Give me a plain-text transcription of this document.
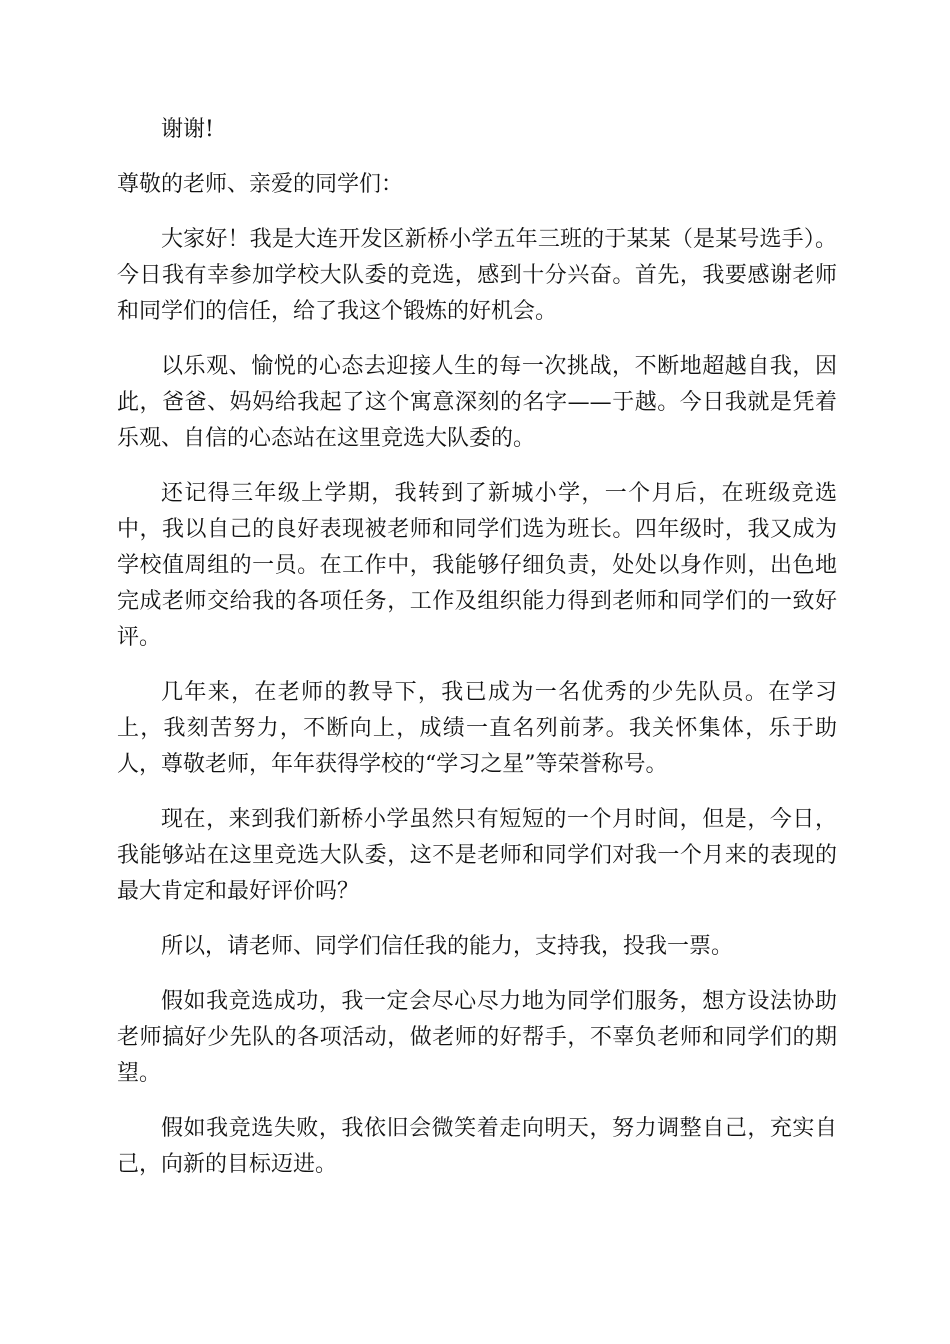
谢谢!

尊敬的老师、亲爱的同学们：

大家好！我是大连开发区新桥小学五年三班的于某某（是某号选手）。今日我有幸参加学校大队委的竞选，感到十分兴奋。首先，我要感谢老师和同学们的信任，给了我这个锻炼的好机会。

以乐观、愉悦的心态去迎接人生的每一次挑战，不断地超越自我，因此，爸爸、妈妈给我起了这个寓意深刻的名字——于越。今日我就是凭着乐观、自信的心态站在这里竞选大队委的。

还记得三年级上学期，我转到了新城小学，一个月后，在班级竞选中，我以自己的良好表现被老师和同学们选为班长。四年级时，我又成为学校值周组的一员。在工作中，我能够仔细负责，处处以身作则，出色地完成老师交给我的各项任务，工作及组织能力得到老师和同学们的一致好评。

几年来，在老师的教导下，我已成为一名优秀的少先队员。在学习上，我刻苦努力，不断向上，成绩一直名列前茅。我关怀集体，乐于助人，尊敬老师，年年获得学校的“学习之星”等荣誉称号。

现在，来到我们新桥小学虽然只有短短的一个月时间，但是，今日，我能够站在这里竞选大队委，这不是老师和同学们对我一个月来的表现的最大肯定和最好评价吗？

所以，请老师、同学们信任我的能力，支持我，投我一票。

假如我竞选成功，我一定会尽心尽力地为同学们服务，想方设法协助老师搞好少先队的各项活动，做老师的好帮手，不辜负老师和同学们的期望。

假如我竞选失败，我依旧会微笑着走向明天，努力调整自己，充实自己，向新的目标迈进。
